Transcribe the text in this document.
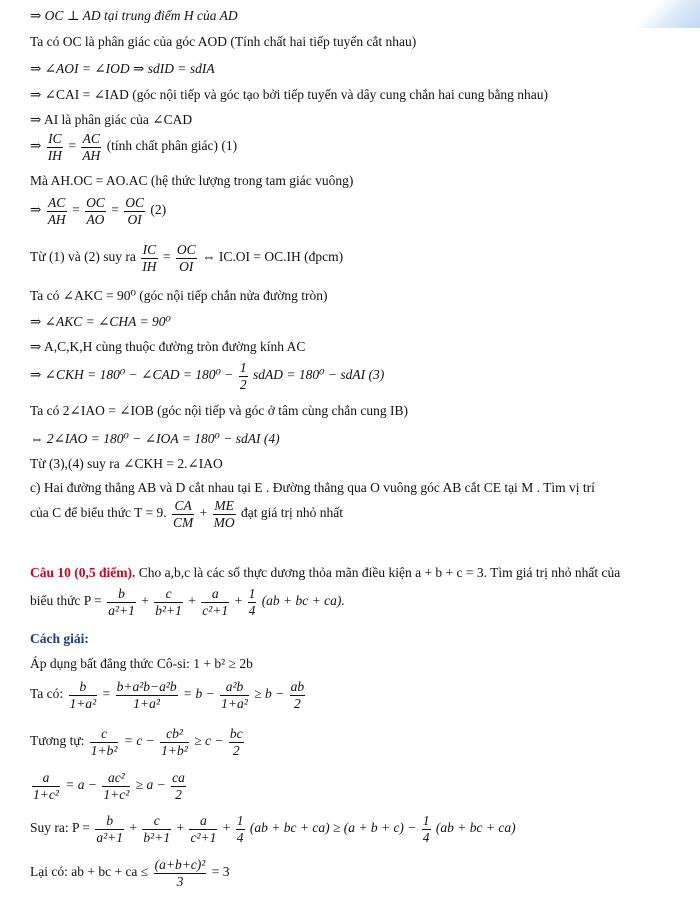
​
⇒ OC ⊥ AD tại trung điểm H của AD
Ta có OC là phân giác của góc AOD (Tính chất hai tiếp tuyến cắt nhau)
⇒ ∠AOI = ∠IOD ⇒ sdID = sdIA
⇒ ∠CAI = ∠IAD (góc nội tiếp và góc tạo bởi tiếp tuyến và dây cung chắn hai cung bằng nhau)
⇒ AI là phân giác của ∠CAD
⇒ $\frac{IC}{IH} = \frac{AC}{AH}$ (tính chất phân giác) (1)
Mà AH.OC = AO.AC (hệ thức lượng trong tam giác vuông)
⇒ $\frac{AC}{AH} = \frac{OC}{AO} = \frac{OC}{OI} (2)$
Từ (1) và (2) suy ra $\frac{IC}{IH} = \frac{OC}{OI}$ ⇔ IC.OI = OC.IH (đpcm)
Ta có ∠AKC = 90⁰ (góc nội tiếp chắn nửa đường tròn)
⇒ ∠AKC = ∠CHA = 90⁰
⇒ A,C,K,H cùng thuộc đường tròn đường kính AC
⇒ ∠CKH = 180⁰ − ∠CAD = $180^0 - \frac{1}{2}$ sdAD = 180⁰ − sdAI (3)
Ta có 2∠IAO = ∠IOB (góc nội tiếp và góc ở tâm cùng chắn cung IB)
⇔ 2∠IAO = 180⁰ − ∠IOA = 180⁰ − sdAI (4)
Từ (3),(4) suy ra ∠CKH = 2.∠IAO
c) Hai đường thẳng AB và D cắt nhau tại E . Đường thẳng qua O vuông góc AB cắt CE tại M . Tìm vị trí
của C để biểu thức T = 9. $\frac{CA}{CM} + \frac{ME}{MO}$ đạt giá trị nhỏ nhất
Câu 10 (0,5 điểm). Cho a,b,c là các số thực dương thỏa mãn điều kiện a + b + c = 3. Tìm giá trị nhỏ nhất của
biểu thức $P = \frac{b}{\text{a²+1}} + \frac{c}{\text{b²+1}} + \frac{a}{\text{c²+1}} + \frac{1}{4} (ab$ + bc + ca).
Cách giải:
Áp dụng bất đẳng thức Cô-si: 1 + b² ≥ 2b
Ta có: $\frac{b}{\text{1+a²}} = \frac{\text{b+a²b−a²b}}{\text{1+a²}} = b - \frac{\text{a²b}}{\text{1+a²}} \ge b - \frac{ab}{2}$
Tương tự: $\frac{c}{\text{1+b²}} = c - \frac{\text{cb²}}{\text{1+b²}} \ge c - \frac{bc}{2}$
$\frac{a}{\text{1+c²}} = a - \frac{\text{ac²}}{\text{1+c²}} \ge a - \frac{ca}{2}$
Suy ra: $P = \frac{b}{\text{a²+1}} + \frac{c}{\text{b²+1}} + \frac{a}{\text{c²+1}} + \frac{1}{4} (ab$ + bc + $ca) \ge (a + b + c) - \frac{1}{4} (ab$ + bc + ca)
Lại có: ab + bc + ca ≤ $\frac{\text{(a+b+c)²}}{3} = 3$
